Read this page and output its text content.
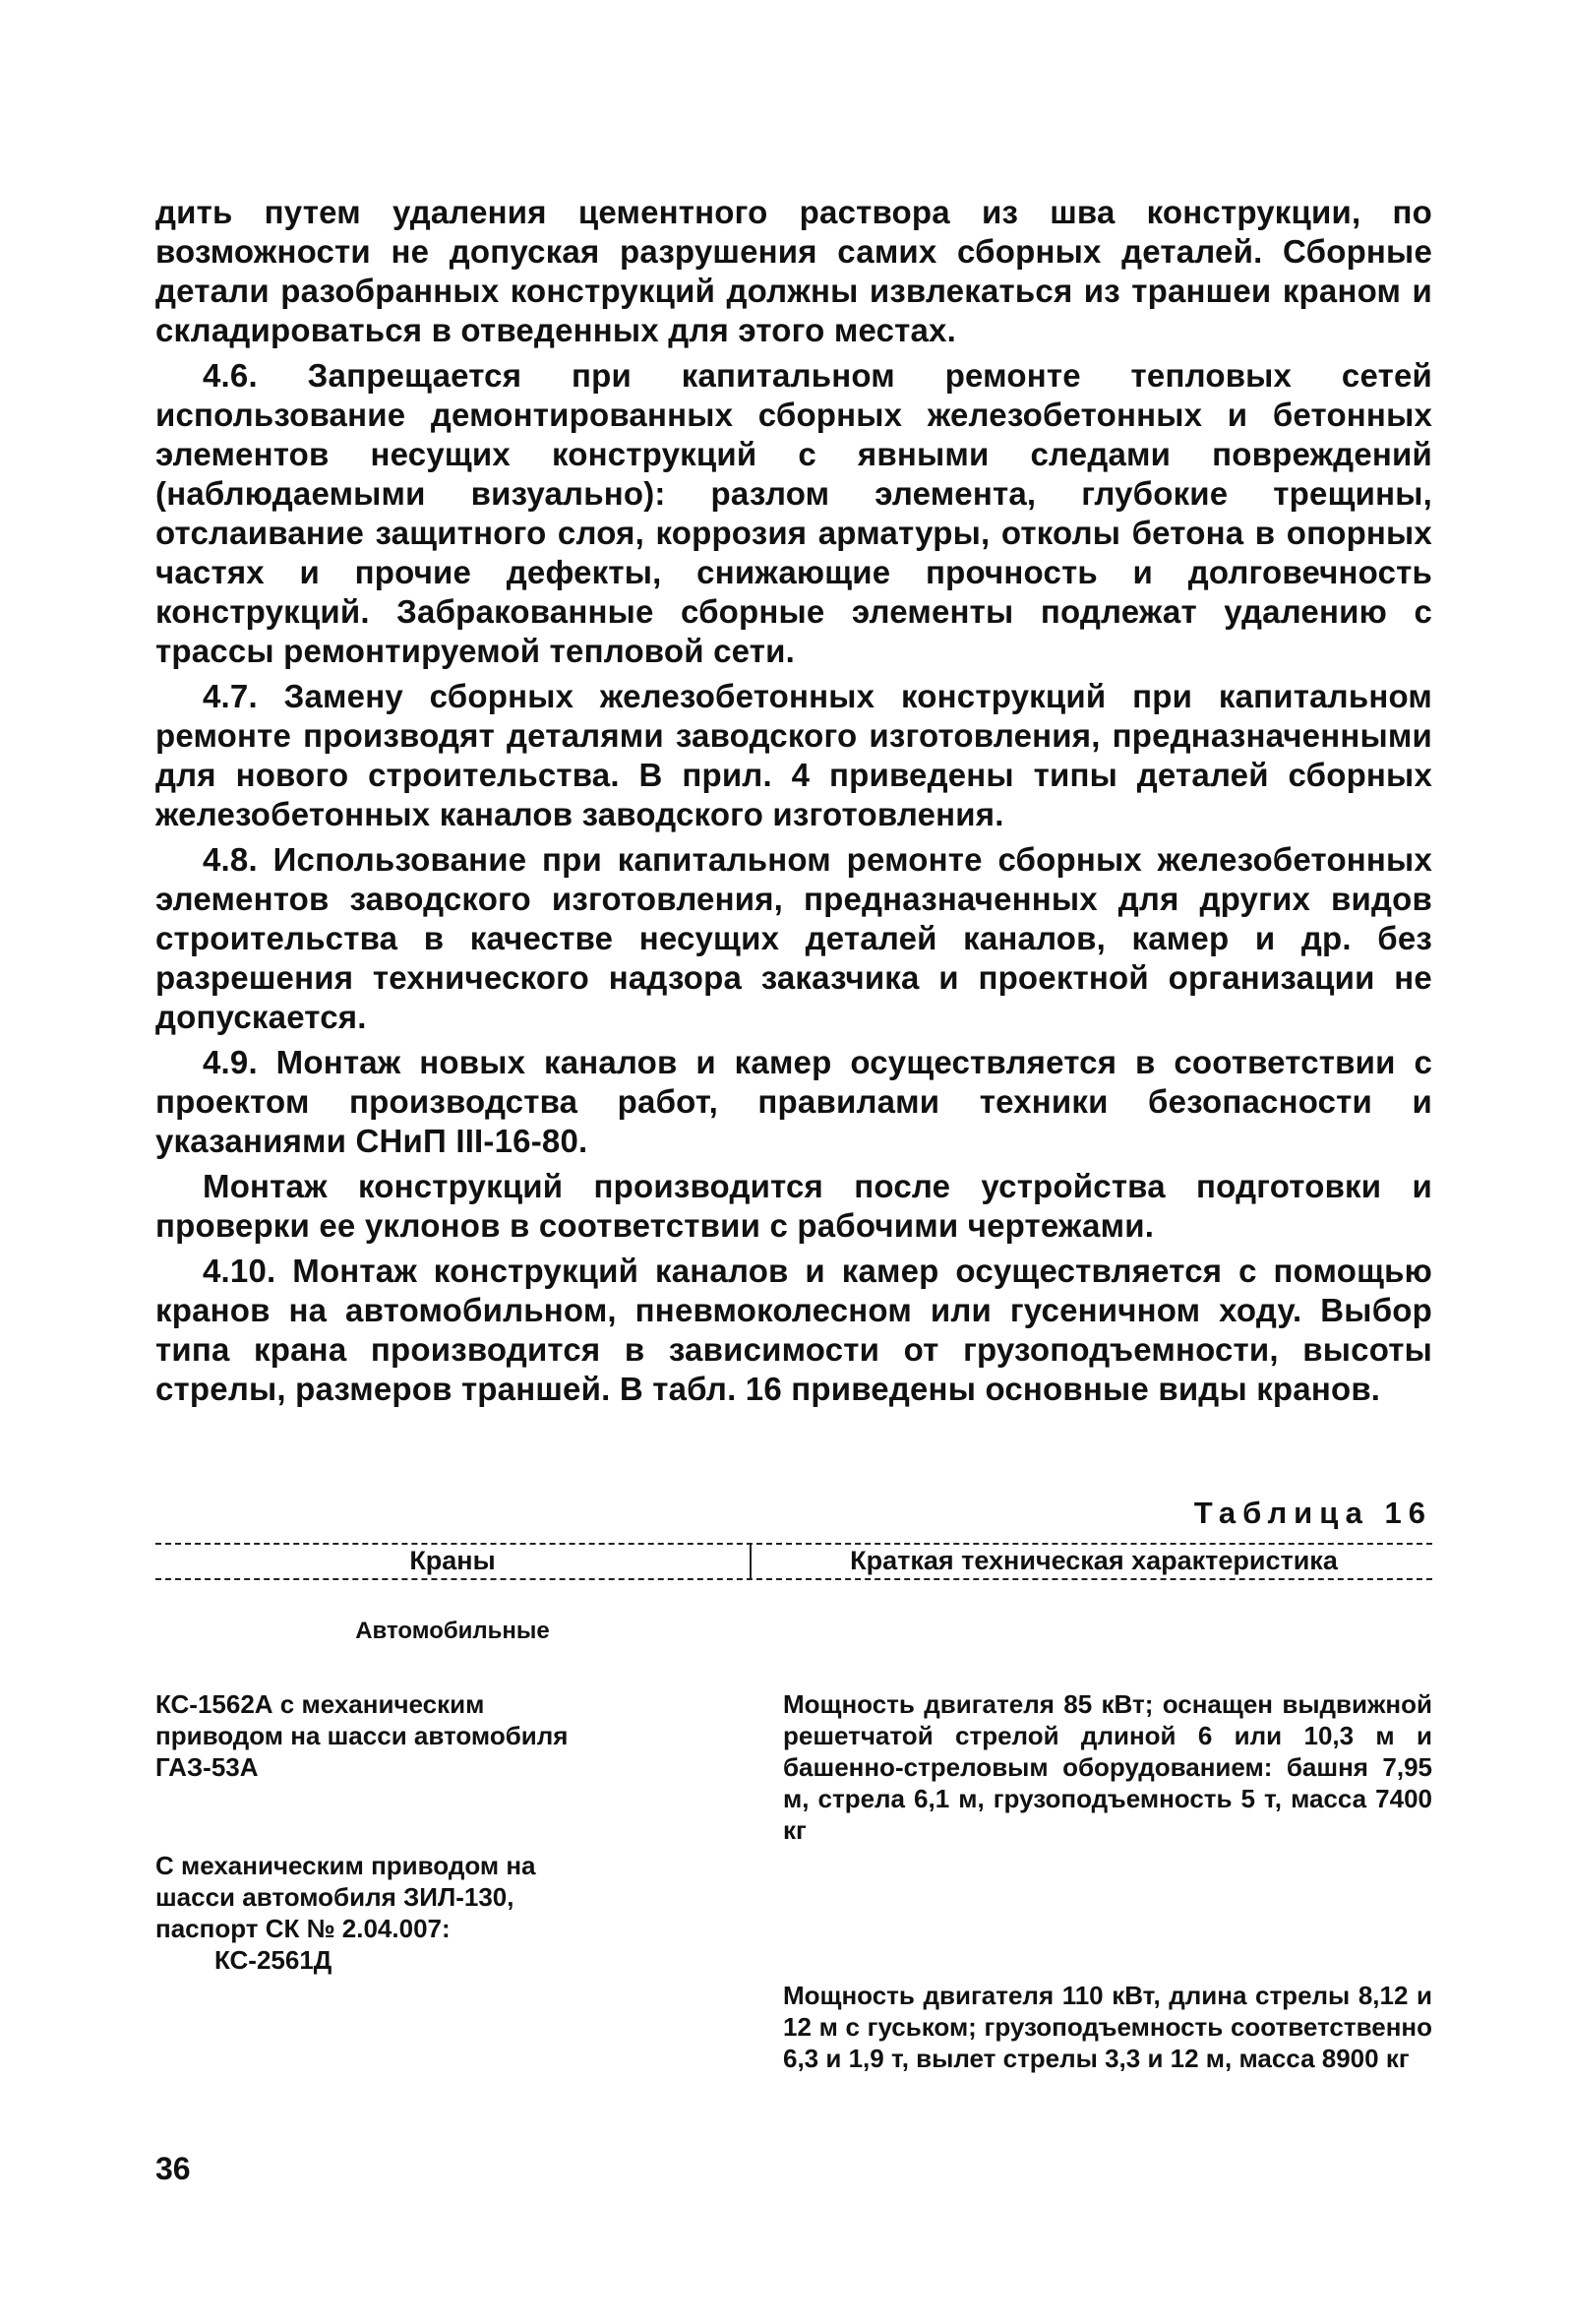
дить путем удаления цементного раствора из шва конструкции, по возможности не допуская разрушения самих сборных деталей. Сборные детали разобранных конструкций должны извлекаться из траншеи краном и складироваться в отведенных для этого местах.

4.6. Запрещается при капитальном ремонте тепловых сетей использование демонтированных сборных железобетонных и бетонных элементов несущих конструкций с явными следами повреждений (наблюдаемыми визуально): разлом элемента, глубокие трещины, отслаивание защитного слоя, коррозия арматуры, отколы бетона в опорных частях и прочие дефекты, снижающие прочность и долговечность конструкций. Забракованные сборные элементы подлежат удалению с трассы ремонтируемой тепловой сети.

4.7. Замену сборных железобетонных конструкций при капитальном ремонте производят деталями заводского изготовления, предназначенными для нового строительства. В прил. 4 приведены типы деталей сборных железобетонных каналов заводского изготовления.

4.8. Использование при капитальном ремонте сборных железобетонных элементов заводского изготовления, предназначенных для других видов строительства в качестве несущих деталей каналов, камер и др. без разрешения технического надзора заказчика и проектной организации не допускается.

4.9. Монтаж новых каналов и камер осуществляется в соответствии с проектом производства работ, правилами техники безопасности и указаниями СНиП III-16-80.

Монтаж конструкций производится после устройства подготовки и проверки ее уклонов в соответствии с рабочими чертежами.

4.10. Монтаж конструкций каналов и камер осуществляется с помощью кранов на автомобильном, пневмоколесном или гусеничном ходу. Выбор типа крана производится в зависимости от грузоподъемности, высоты стрелы, размеров траншей. В табл. 16 приведены основные виды кранов.

Таблица 16
Краны	Краткая техническая характеристика
Автомобильные
КС-1562А с механическим приводом на шасси автомобиля ГАЗ-53А
Мощность двигателя 85 кВт; оснащен выдвижной решетчатой стрелой длиной 6 или 10,3 м и башенно-стреловым оборудованием: башня 7,95 м, стрела 6,1 м, грузоподъемность 5 т, масса 7400 кг
С механическим приводом на шасси автомобиля ЗИЛ-130, паспорт СК № 2.04.007:
КС-2561Д
Мощность двигателя 110 кВт, длина стрелы 8,12 и 12 м с гуськом; грузоподъемность соответственно 6,3 и 1,9 т, вылет стрелы 3,3 и 12 м, масса 8900 кг
36
